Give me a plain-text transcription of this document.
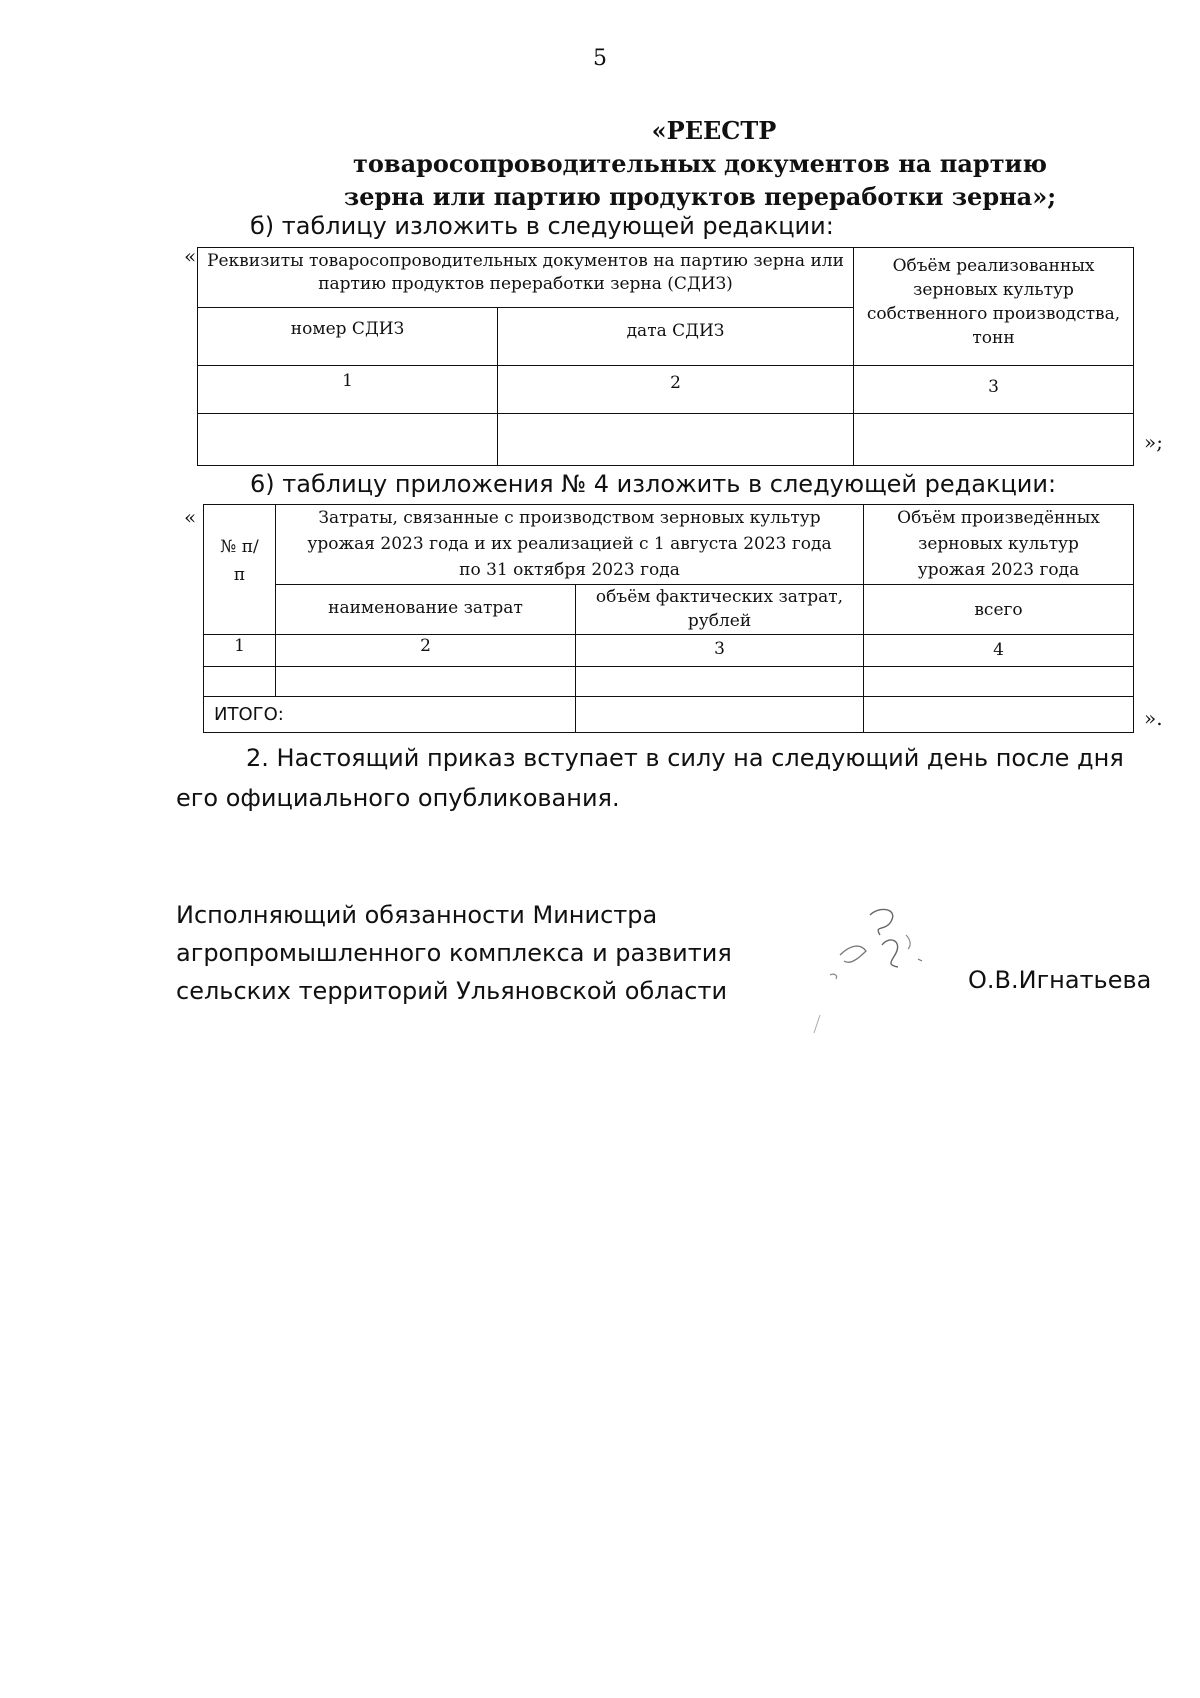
5
«РЕЕСТР
товаросопроводительных документов на партию
зерна или партию продуктов переработки зерна»;
б) таблицу изложить в следующей редакции:
« Реквизиты товаросопроводительных документов на партию зерна или партию продуктов переработки зерна (СДИЗ)		Объём реализованных зерновых культур собственного производства, тонн
номер СДИЗ	дата СДИЗ	
1	2	3

»;
6) таблицу приложения № 4 изложить в следующей редакции:
«
№ п/п	Затраты, связанные с производством зерновых культур урожая 2023 года и их реализацией с 1 августа 2023 года по 31 октября 2023 года		Объём произведённых зерновых культур урожая 2023 года
	наименование затрат	объём фактических затрат, рублей	всего
1	2	3	4

ИТОГО:				».
2. Настоящий приказ вступает в силу на следующий день после дня его официального опубликования.
Исполняющий обязанности Министра
агропромышленного комплекса и развития
сельских территорий Ульяновской области	О.В.Игнатьева
